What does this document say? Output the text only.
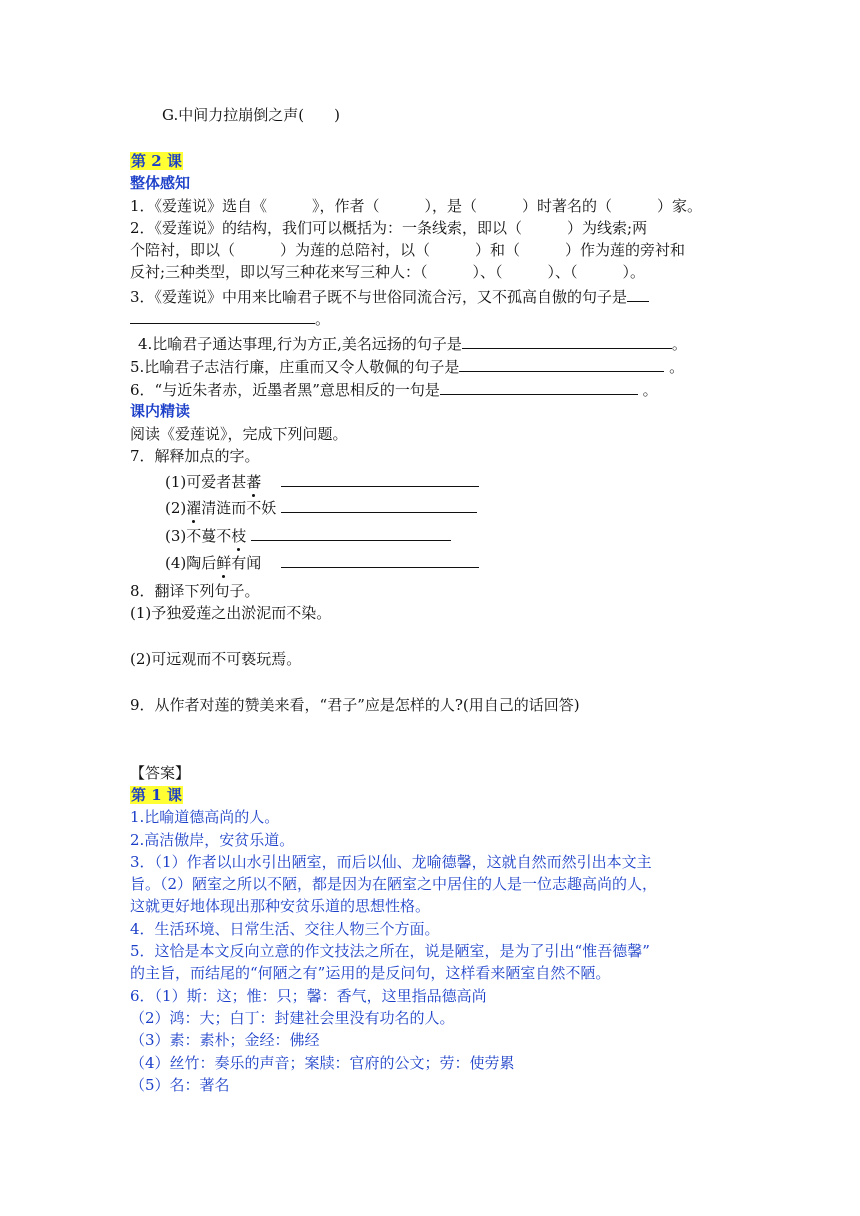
G.中间力拉崩倒之声(　　)
第 2 课
整体感知
1．《爱莲说》选自《　　　》，作者（　　　），是（　　　）时著名的（　　　）家。
2．《爱莲说》的结构，我们可以概括为：一条线索，即以（　　　）为线索;两
个陪衬，即以（　　　）为莲的总陪衬，以（　　　）和（　　　）作为莲的旁衬和
反衬;三种类型，即以写三种花来写三种人：（　　　）、（　　　）、（　　　）。
3．《爱莲说》中用来比喻君子既不与世俗同流合污，又不孤高自傲的句子是
。
4.比喻君子通达事理,行为方正,美名远扬的句子是	。
5.比喻君子志洁行廉，庄重而又令人敬佩的句子是	。
6．“与近朱者赤，近墨者黑”意思相反的一句是	。
课内精读
阅读《爱莲说》，完成下列问题。
7．解释加点的字。
(1)可爱者甚蕃
(2)濯清涟而不妖
(3)不蔓不枝
(4)陶后鲜有闻
8．翻译下列句子。
(1)予独爱莲之出淤泥而不染。
(2)可远观而不可亵玩焉。
9．从作者对莲的赞美来看，“君子”应是怎样的人?(用自己的话回答)
【答案】
第 1 课
1.比喻道德高尚的人。
2.高洁傲岸，安贫乐道。
3．（1）作者以山水引出陋室，而后以仙、龙喻德馨，这就自然而然引出本文主
旨。（2）陋室之所以不陋，都是因为在陋室之中居住的人是一位志趣高尚的人，
这就更好地体现出那种安贫乐道的思想性格。
4．生活环境、日常生活、交往人物三个方面。
5．这恰是本文反向立意的作文技法之所在，说是陋室，是为了引出“惟吾德馨”
的主旨，而结尾的“何陋之有”运用的是反问句，这样看来陋室自然不陋。
6．（1）斯：这；惟：只；馨：香气，这里指品德高尚
（2）鸿：大；白丁：封建社会里没有功名的人。
（3）素：素朴；金经：佛经
（4）丝竹：奏乐的声音；案牍：官府的公文；劳：使劳累
（5）名：著名
